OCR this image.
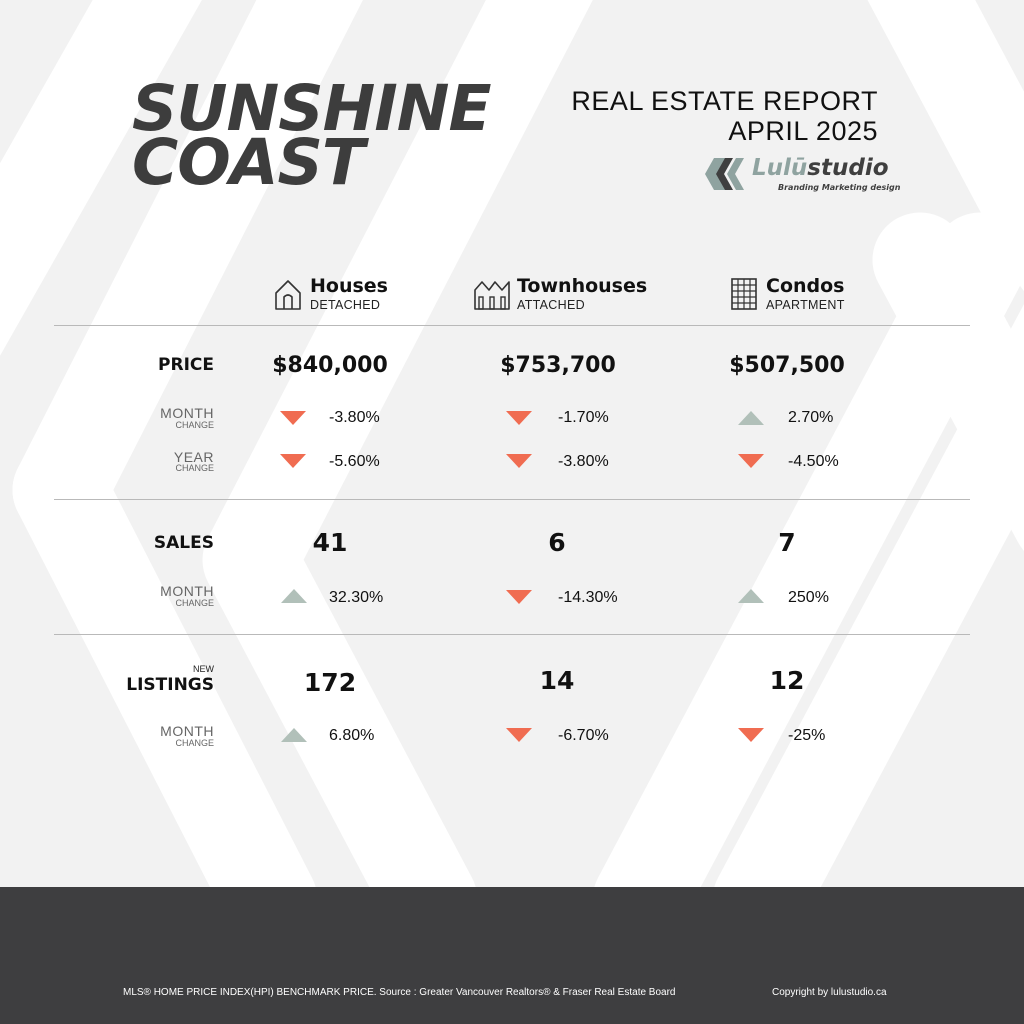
SUNSHINE
COAST
REAL ESTATE REPORT
APRIL 2025
Lulūstudio
Branding Marketing design
Houses
DETACHED
Townhouses
ATTACHED
Condos
APARTMENT
PRICE	$840,000	$753,700	$507,500
MONTH
CHANGE	-3.80%	-1.70%	2.70%
YEAR
CHANGE	-5.60%	-3.80%	-4.50%
SALES	41	6	7
MONTH
CHANGE	32.30%	-14.30%	250%
NEW
LISTINGS	172	14	12
MONTH
CHANGE	6.80%	-6.70%	-25%
MLS® HOME PRICE INDEX(HPI) BENCHMARK PRICE. Source : Greater Vancouver Realtors® & Fraser Real Estate Board	Copyright by lulustudio.ca
